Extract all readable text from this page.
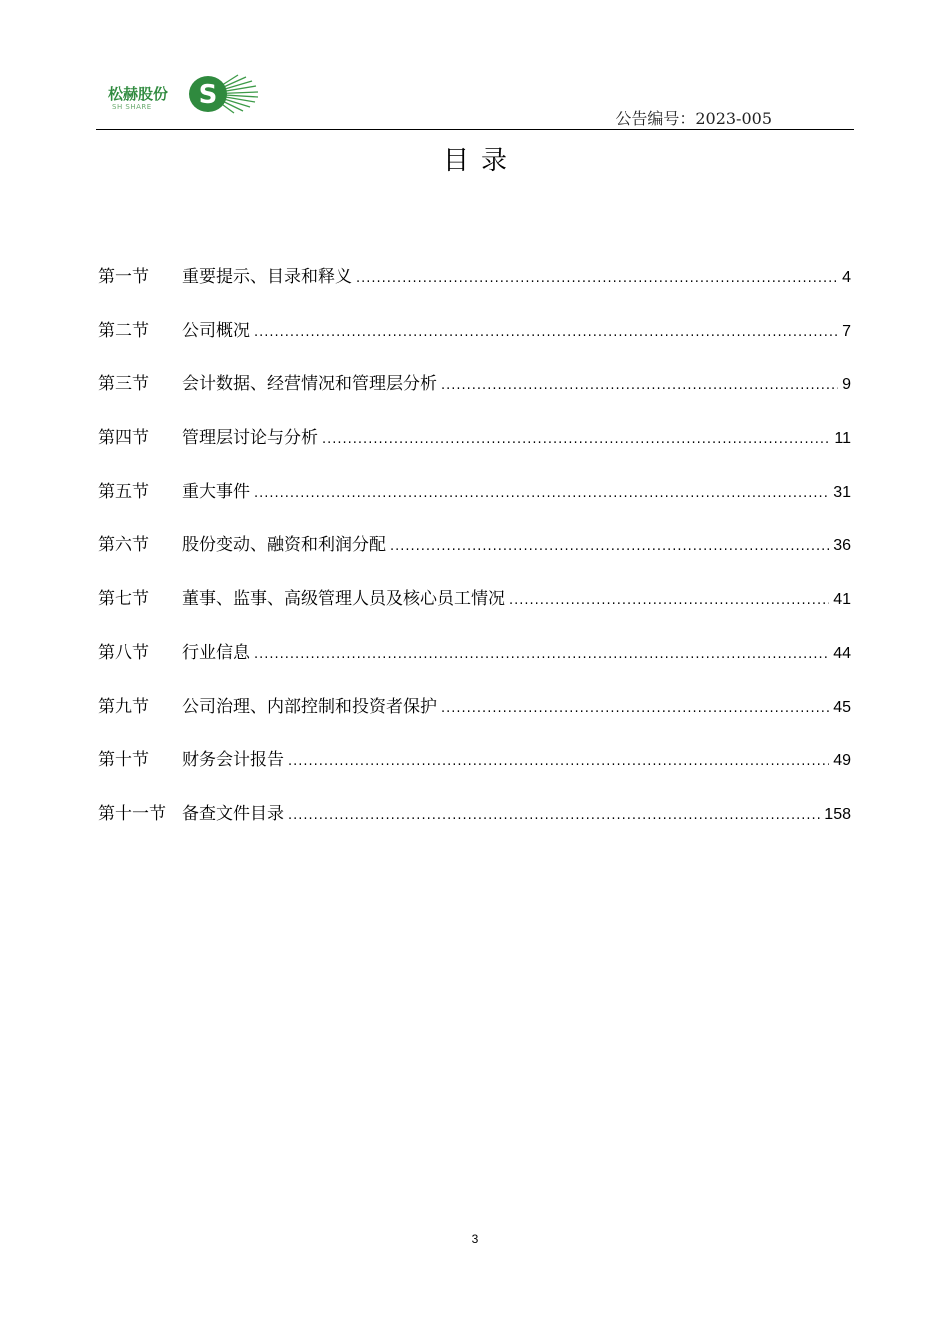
松赫股份
SH SHARE S
公告编号：2023-005
目录
第一节	重要提示、目录和释义 .....	4
第二节	公司概况 .....	7
第三节	会计数据、经营情况和管理层分析 .....	9
第四节	管理层讨论与分析 .....	11
第五节	重大事件 .....	31
第六节	股份变动、融资和利润分配 .....	36
第七节	董事、监事、高级管理人员及核心员工情况 .....	41
第八节	行业信息 .....	44
第九节	公司治理、内部控制和投资者保护 .....	45
第十节	财务会计报告 .....	49
第十一节 备查文件目录 .....	158
3
